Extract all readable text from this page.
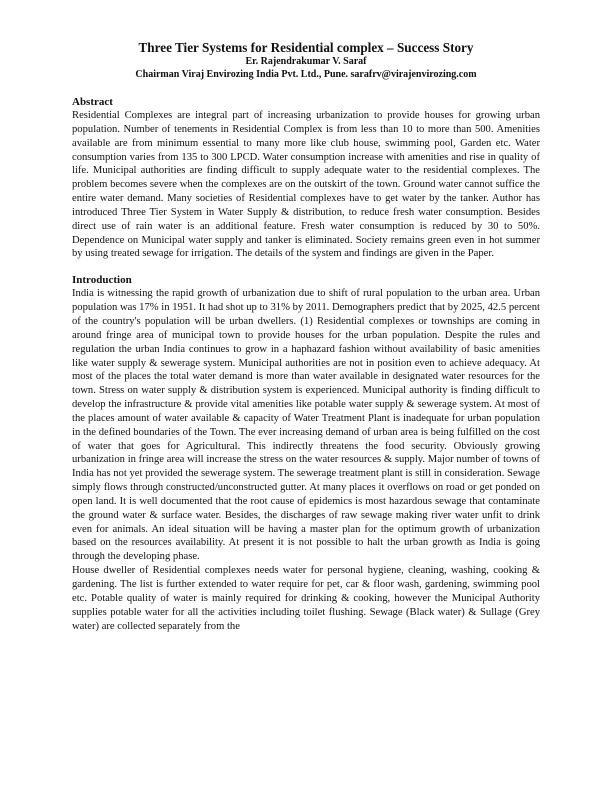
Three Tier Systems for Residential complex – Success Story

Er. Rajendrakumar V. Saraf

Chairman Viraj Envirozing India Pvt. Ltd., Pune. sarafrv@virajenvirozing.com

Abstract

Residential Complexes are integral part of increasing urbanization to provide houses for growing urban population. Number of tenements in Residential Complex is from less than 10 to more than 500. Amenities available are from minimum essential to many more like club house, swimming pool, Garden etc. Water consumption varies from 135 to 300 LPCD. Water consumption increase with amenities and rise in quality of life. Municipal authorities are finding difficult to supply adequate water to the residential complexes. The problem becomes severe when the complexes are on the outskirt of the town. Ground water cannot suffice the entire water demand. Many societies of Residential complexes have to get water by the tanker. Author has introduced Three Tier System in Water Supply & distribution, to reduce fresh water consumption. Besides direct use of rain water is an additional feature. Fresh water consumption is reduced by 30 to 50%. Dependence on Municipal water supply and tanker is eliminated. Society remains green even in hot summer by using treated sewage for irrigation. The details of the system and findings are given in the Paper.

Introduction

India is witnessing the rapid growth of urbanization due to shift of rural population to the urban area. Urban population was 17% in 1951. It had shot up to 31% by 2011. Demographers predict that by 2025, 42.5 percent of the country's population will be urban dwellers. (1) Residential complexes or townships are coming in around fringe area of municipal town to provide houses for the urban population. Despite the rules and regulation the urban India continues to grow in a haphazard fashion without availability of basic amenities like water supply & sewerage system. Municipal authorities are not in position even to achieve adequacy. At most of the places the total water demand is more than water available in designated water resources for the town. Stress on water supply & distribution system is experienced. Municipal authority is finding difficult to develop the infrastructure & provide vital amenities like potable water supply & sewerage system. At most of the places amount of water available & capacity of Water Treatment Plant is inadequate for urban population in the defined boundaries of the Town. The ever increasing demand of urban area is being fulfilled on the cost of water that goes for Agricultural. This indirectly threatens the food security. Obviously growing urbanization in fringe area will increase the stress on the water resources & supply. Major number of towns of India has not yet provided the sewerage system. The sewerage treatment plant is still in consideration. Sewage simply flows through constructed/unconstructed gutter. At many places it overflows on road or get ponded on open land. It is well documented that the root cause of epidemics is most hazardous sewage that contaminate the ground water & surface water. Besides, the discharges of raw sewage making river water unfit to drink even for animals. An ideal situation will be having a master plan for the optimum growth of urbanization based on the resources availability. At present it is not possible to halt the urban growth as India is going through the developing phase.

House dweller of Residential complexes needs water for personal hygiene, cleaning, washing, cooking & gardening. The list is further extended to water require for pet, car & floor wash, gardening, swimming pool etc. Potable quality of water is mainly required for drinking & cooking, however the Municipal Authority supplies potable water for all the activities including toilet flushing. Sewage (Black water) & Sullage (Grey water) are collected separately from the
